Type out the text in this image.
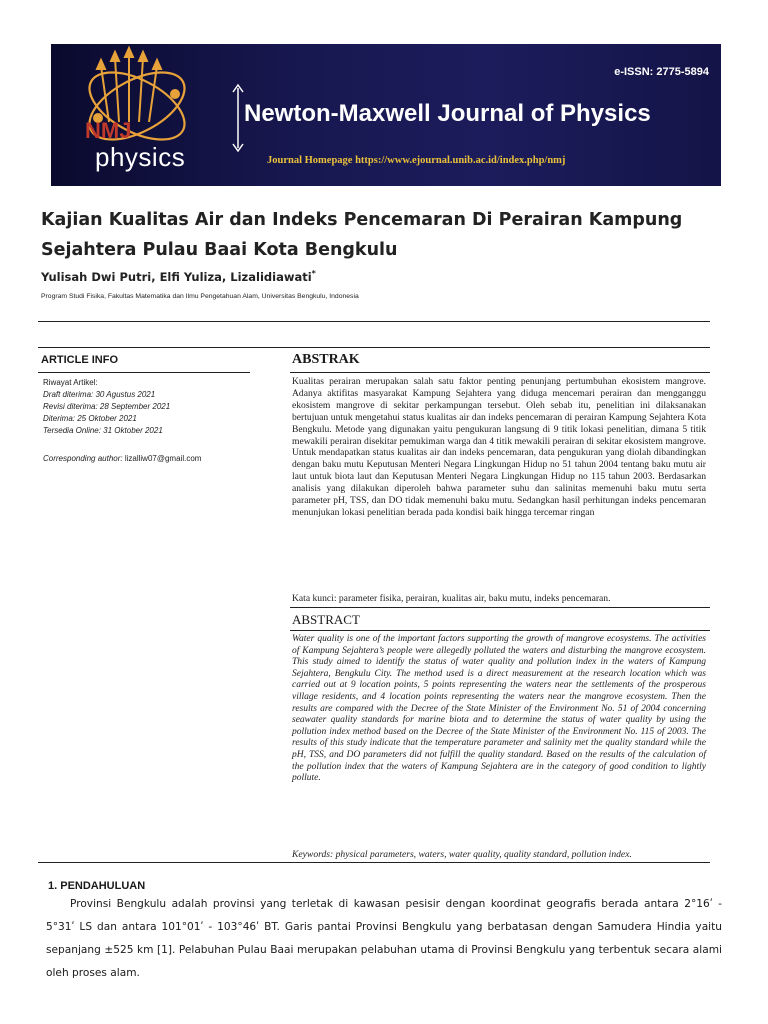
NMJ
physics
e-ISSN: 2775-5894
Newton-Maxwell Journal of Physics
Journal Homepage https://www.ejournal.unib.ac.id/index.php/nmj
Kajian Kualitas Air dan Indeks Pencemaran Di Perairan Kampung Sejahtera Pulau Baai Kota Bengkulu
Yulisah Dwi Putri, Elfi Yuliza, Lizalidiawati*
Program Studi Fisika, Fakultas Matematika dan Ilmu Pengetahuan Alam, Universitas Bengkulu, Indonesia
ARTICLE INFO
Riwayat Artikel:
Draft diterima: 30 Agustus 2021
Revisi diterima: 28 September 2021
Diterima: 25 Oktober 2021
Tersedia Online: 31 Oktober 2021
Corresponding author: lizalliw07@gmail.com
ABSTRAK
Kualitas perairan merupakan salah satu faktor penting penunjang pertumbuhan ekosistem mangrove. Adanya aktifitas masyarakat Kampung Sejahtera yang diduga mencemari perairan dan mengganggu ekosistem mangrove di sekitar perkampungan tersebut. Oleh sebab itu, penelitian ini dilaksanakan bertujuan untuk mengetahui status kualitas air dan indeks pencemaran di perairan Kampung Sejahtera Kota Bengkulu. Metode yang digunakan yaitu pengukuran langsung di 9 titik lokasi penelitian, dimana 5 titik mewakili perairan disekitar pemukiman warga dan 4 titik mewakili perairan di sekitar ekosistem mangrove. Untuk mendapatkan status kualitas air dan indeks pencemaran, data pengukuran yang diolah dibandingkan dengan baku mutu Keputusan Menteri Negara Lingkungan Hidup no 51 tahun 2004 tentang baku mutu air laut untuk biota laut dan Keputusan Menteri Negara Lingkungan Hidup no 115 tahun 2003. Berdasarkan analisis yang dilakukan diperoleh bahwa parameter suhu dan salinitas memenuhi baku mutu serta parameter pH, TSS, dan DO tidak memenuhi baku mutu. Sedangkan hasil perhitungan indeks pencemaran menunjukan lokasi penelitian berada pada kondisi baik hingga tercemar ringan
Kata kunci: parameter fisika, perairan, kualitas air, baku mutu, indeks pencemaran.
ABSTRACT
Water quality is one of the important factors supporting the growth of mangrove ecosystems. The activities of Kampung Sejahtera’s people were allegedly polluted the waters and disturbing the mangrove ecosystem. This study aimed to identify the status of water quality and pollution index in the waters of Kampung Sejahtera, Bengkulu City. The method used is a direct measurement at the research location which was carried out at 9 location points, 5 points representing the waters near the settlements of the prosperous village residents, and 4 location points representing the waters near the mangrove ecosystem. Then the results are compared with the Decree of the State Minister of the Environment No. 51 of 2004 concerning seawater quality standards for marine biota and to determine the status of water quality by using the pollution index method based on the Decree of the State Minister of the Environment No. 115 of 2003. The results of this study indicate that the temperature parameter and salinity met the quality standard while the pH, TSS, and DO parameters did not fulfill the quality standard. Based on the results of the calculation of the pollution index that the waters of Kampung Sejahtera are in the category of good condition to lightly pollute.
Keywords: physical parameters, waters, water quality, quality standard, pollution index.
1. PENDAHULUAN
Provinsi Bengkulu adalah provinsi yang terletak di kawasan pesisir dengan koordinat geografis berada antara 2°16ʹ - 5°31ʹ LS dan antara 101°01ʹ - 103°46ʹ BT. Garis pantai Provinsi Bengkulu yang berbatasan dengan Samudera Hindia yaitu sepanjang ±525 km [1]. Pelabuhan Pulau Baai merupakan pelabuhan utama di Provinsi Bengkulu yang terbentuk secara alami oleh proses alam.
